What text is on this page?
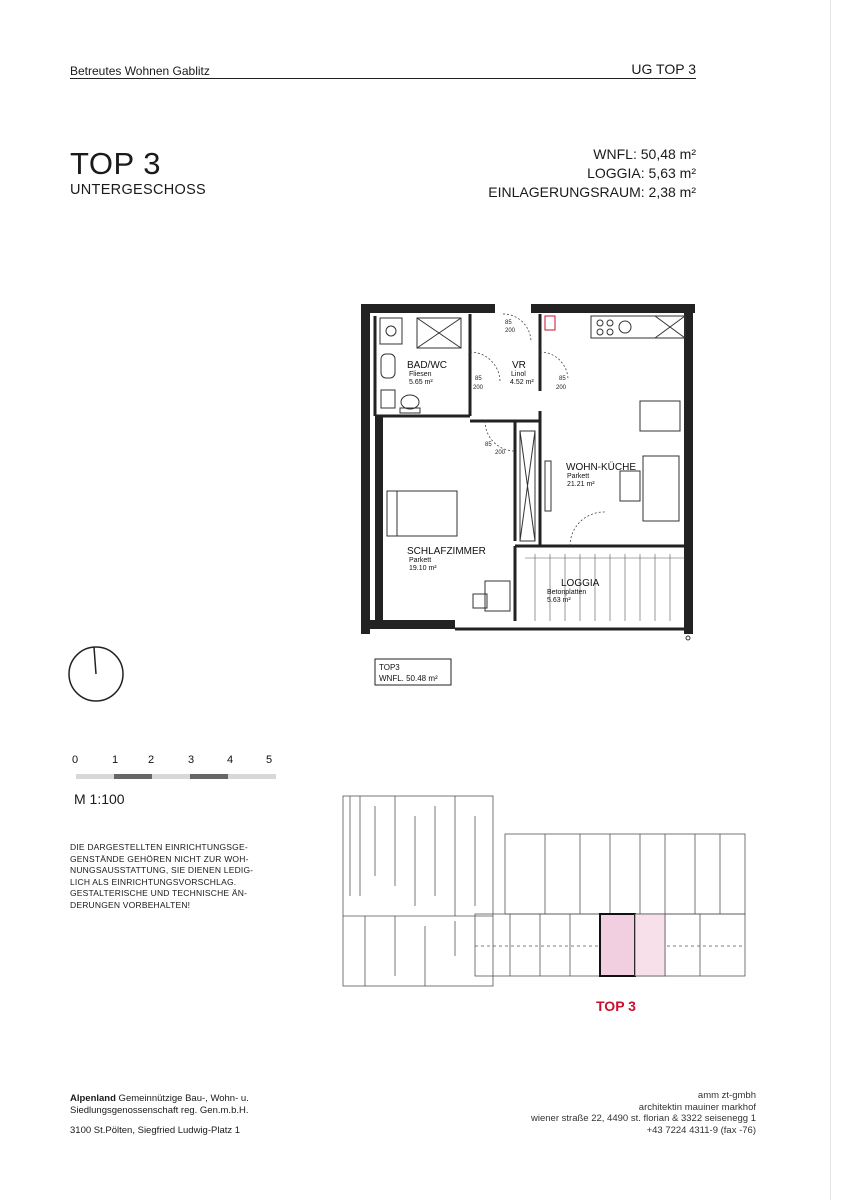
Betreutes Wohnen Gablitz	UG TOP 3
TOP 3
UNTERGESCHOSS
WNFL: 50,48 m²
LOGGIA: 5,63 m²
EINLAGERUNGSRAUM: 2,38 m²
BAD/WC
Fliesen
5.65 m²
VR
Linol
4.52 m²
WOHN-KÜCHE
Parkett
21.21 m²
SCHLAFZIMMER
Parkett
19.10 m²
LOGGIA
Betonplatten
5.63 m²
85
200
85
200
85
200
85
200
TOP3
WNFL. 50.48 m²
0	1	2	3	4	5
M 1:100
DIE DARGESTELLTEN EINRICHTUNGSGE-
GENSTÄNDE GEHÖREN NICHT ZUR WOH-
NUNGSAUSSTATTUNG, SIE DIENEN LEDIG-
LICH ALS EINRICHTUNGSVORSCHLAG.
GESTALTERISCHE UND TECHNISCHE ÄN-
DERUNGEN VORBEHALTEN!
TOP 3
Alpenland Gemeinnützige Bau-, Wohn- u.
Siedlungsgenossenschaft reg. Gen.m.b.H.
3100 St.Pölten, Siegfried Ludwig-Platz 1
amm zt-gmbh
architektin mauiner markhof
wiener straße 22, 4490 st. florian & 3322 seisenegg 1
+43 7224 4311-9 (fax -76)
